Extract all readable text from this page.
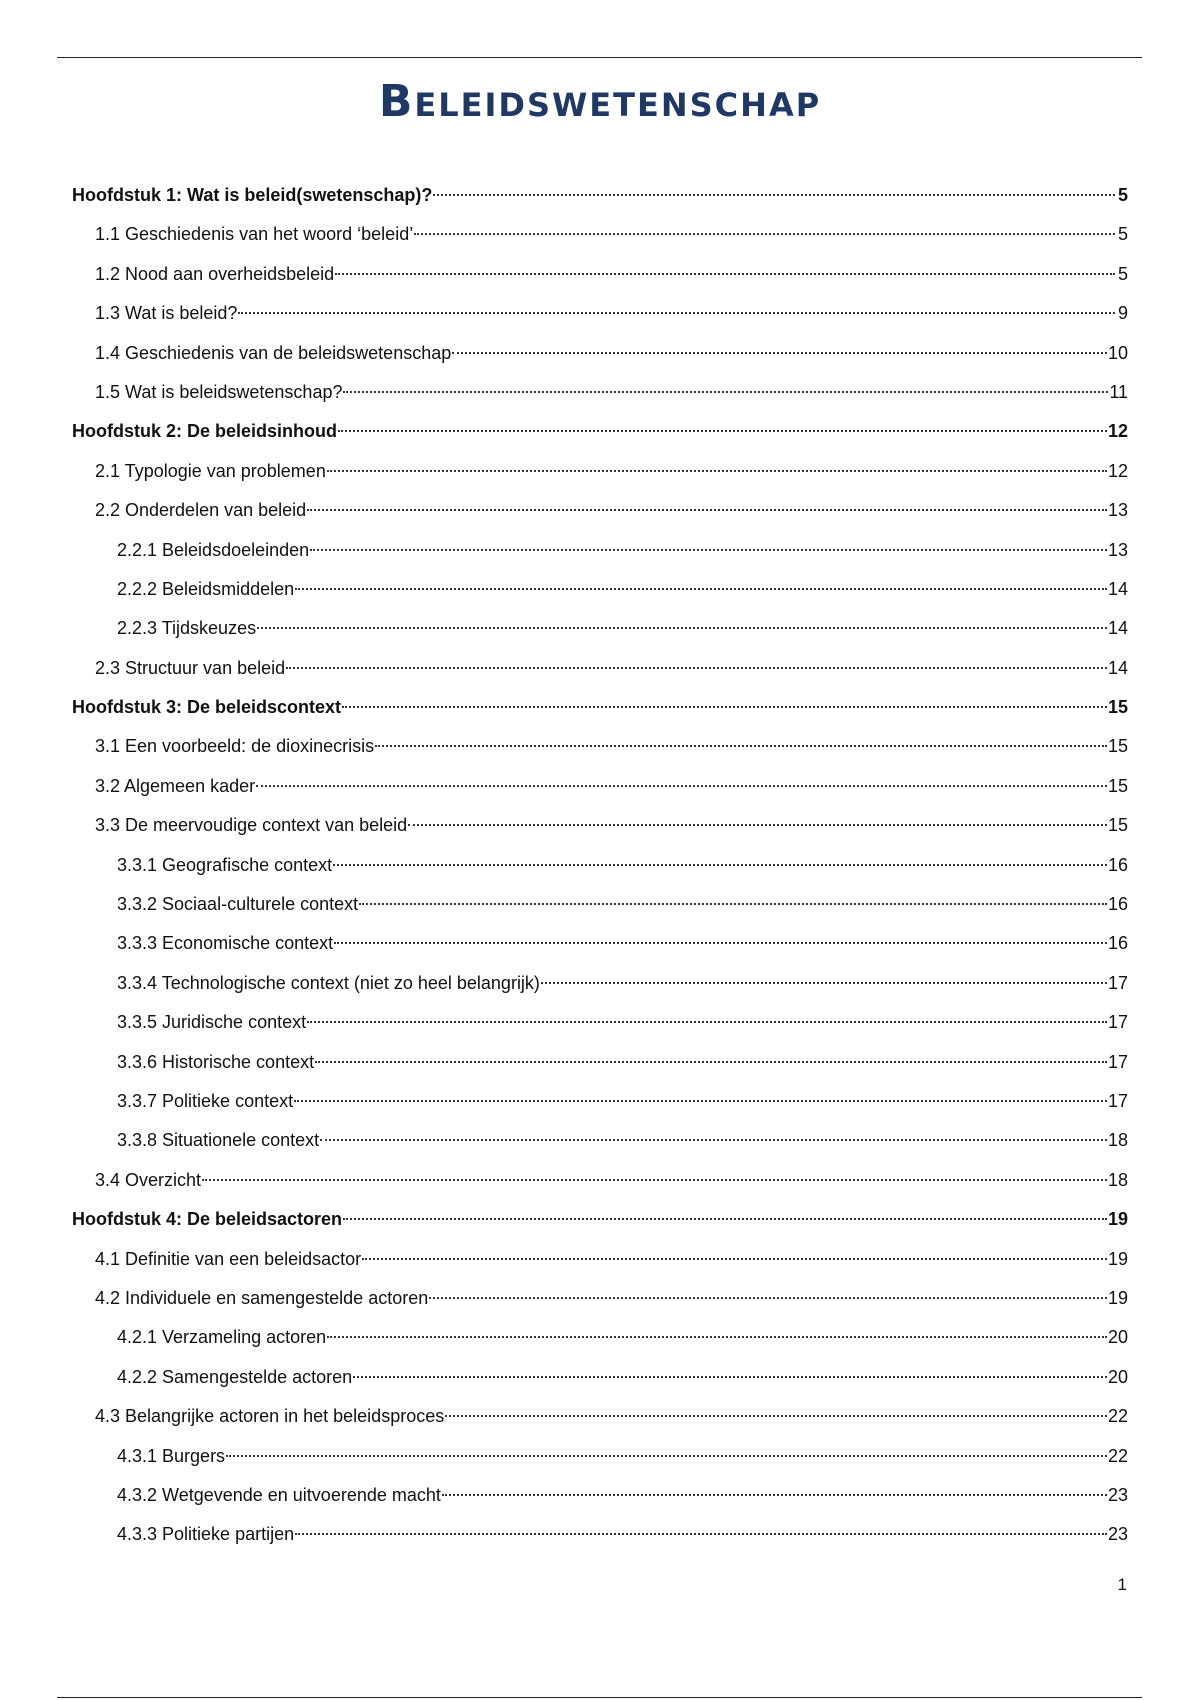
BELEIDSWETENSCHAP
Hoofdstuk 1: Wat is beleid(swetenschap)?	5
1.1 Geschiedenis van het woord ‘beleid’	5
1.2 Nood aan overheidsbeleid	5
1.3 Wat is beleid?	9
1.4 Geschiedenis van de beleidswetenschap	10
1.5 Wat is beleidswetenschap?	11
Hoofdstuk 2: De beleidsinhoud	12
2.1 Typologie van problemen	12
2.2 Onderdelen van beleid	13
2.2.1 Beleidsdoeleinden	13
2.2.2 Beleidsmiddelen	14
2.2.3 Tijdskeuzes	14
2.3 Structuur van beleid	14
Hoofdstuk 3: De beleidscontext	15
3.1 Een voorbeeld: de dioxinecrisis	15
3.2 Algemeen kader	15
3.3 De meervoudige context van beleid	15
3.3.1 Geografische context	16
3.3.2 Sociaal-culturele context	16
3.3.3 Economische context	16
3.3.4 Technologische context (niet zo heel belangrijk)	17
3.3.5 Juridische context	17
3.3.6 Historische context	17
3.3.7 Politieke context	17
3.3.8 Situationele context	18
3.4 Overzicht	18
Hoofdstuk 4: De beleidsactoren	19
4.1 Definitie van een beleidsactor	19
4.2 Individuele en samengestelde actoren	19
4.2.1 Verzameling actoren	20
4.2.2 Samengestelde actoren	20
4.3 Belangrijke actoren in het beleidsproces	22
4.3.1 Burgers	22
4.3.2 Wetgevende en uitvoerende macht	23
4.3.3 Politieke partijen	23
1
